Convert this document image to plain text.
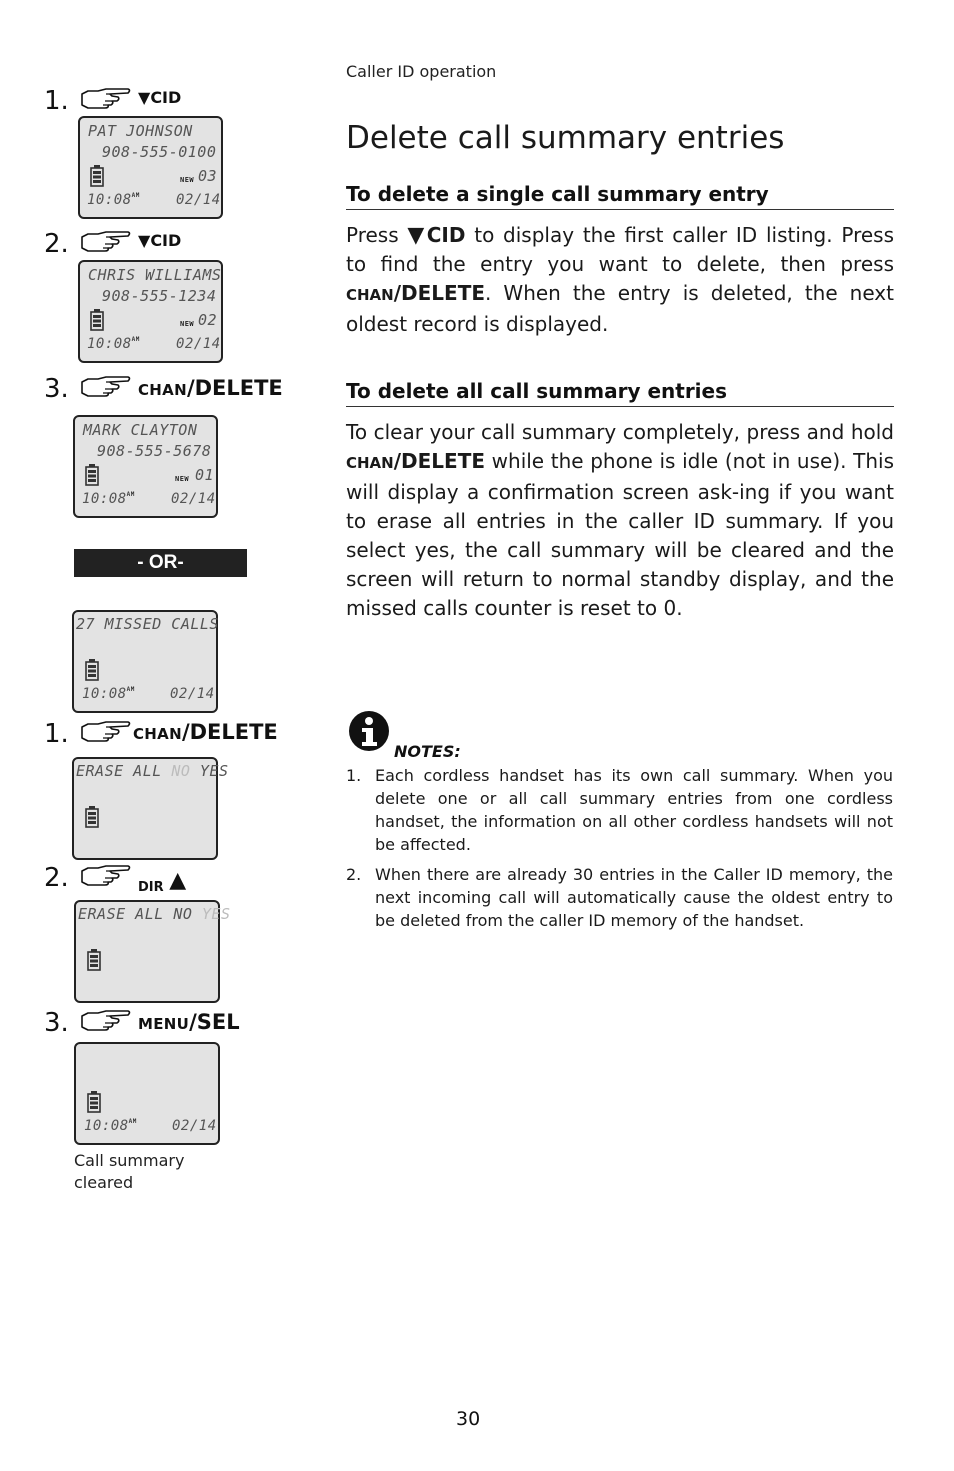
Caller ID operation
Delete call summary entries
To delete a single call summary entry
Press ▼CID to display the first caller ID listing. Press to find the entry you want to delete, then press CHAN/DELETE. When the entry is deleted, the next oldest record is displayed.
To delete all call summary entries
To clear your call summary completely, press and hold CHAN/DELETE while the phone is idle (not in use). This will display a confirmation screen ask-ing if you want to erase all entries in the caller ID summary. If you select yes, the call summary will be cleared and the screen will return to normal standby display, and the missed calls counter is reset to 0.
NOTES:
1. Each cordless handset has its own call summary. When you delete one or all call summary entries from one cordless handset, the information on all other cordless handsets will not be affected.
2. When there are already 30 entries in the Caller ID memory, the next incoming call will automatically cause the oldest entry to be deleted from the caller ID memory of the handset.
30
1.	▼CID
PAT JOHNSON
908-555-0100
NEW 03
$10:08^{AM}$	02/14
2.	▼CID
CHRIS WILLIAMS
908-555-1234
NEW 02
$10:08^{AM}$	02/14
3.	CHAN/DELETE
MARK CLAYTON
908-555-5678
NEW 01
$10:08^{AM}$	02/14
- OR-
27 MISSED CALLS
$10:08^{AM}$	02/14
1.	CHAN/DELETE
ERASE ALL NO YES
2.	DIR ▲
ERASE ALL NO YES
3.	MENU/SEL
$10:08^{AM}$	02/14
Call summary
cleared
